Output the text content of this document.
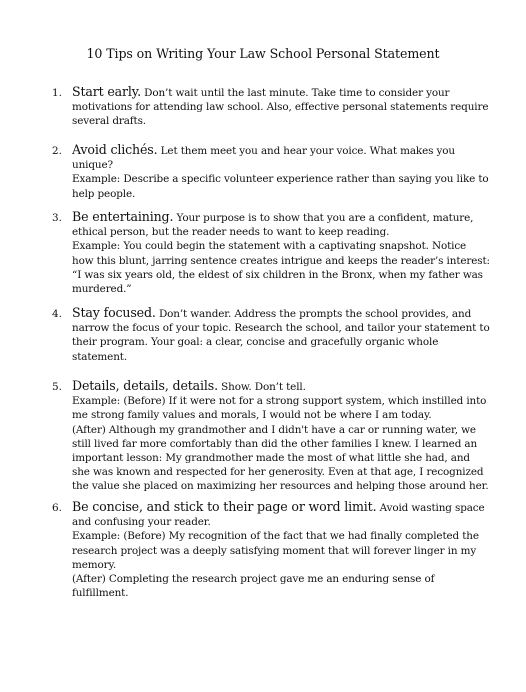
10 Tips on Writing Your Law School Personal Statement
1. Start early. Don’t wait until the last minute. Take time to consider your
motivations for attending law school. Also, effective personal statements require
several drafts.
2. Avoid clichés. Let them meet you and hear your voice. What makes you
unique?
Example: Describe a specific volunteer experience rather than saying you like to
help people.
3. Be entertaining. Your purpose is to show that you are a confident, mature,
ethical person, but the reader needs to want to keep reading.
Example: You could begin the statement with a captivating snapshot. Notice
how this blunt, jarring sentence creates intrigue and keeps the reader’s interest:
“I was six years old, the eldest of six children in the Bronx, when my father was
murdered.”
4. Stay focused. Don’t wander. Address the prompts the school provides, and
narrow the focus of your topic. Research the school, and tailor your statement to
their program. Your goal: a clear, concise and gracefully organic whole
statement.
5. Details, details, details. Show. Don’t tell.
Example: (Before) If it were not for a strong support system, which instilled into
me strong family values and morals, I would not be where I am today.
(After) Although my grandmother and I didn't have a car or running water, we
still lived far more comfortably than did the other families I knew. I learned an
important lesson: My grandmother made the most of what little she had, and
she was known and respected for her generosity. Even at that age, I recognized
the value she placed on maximizing her resources and helping those around her.
6. Be concise, and stick to their page or word limit. Avoid wasting space
and confusing your reader.
Example: (Before) My recognition of the fact that we had finally completed the
research project was a deeply satisfying moment that will forever linger in my
memory.
(After) Completing the research project gave me an enduring sense of
fulfillment.
